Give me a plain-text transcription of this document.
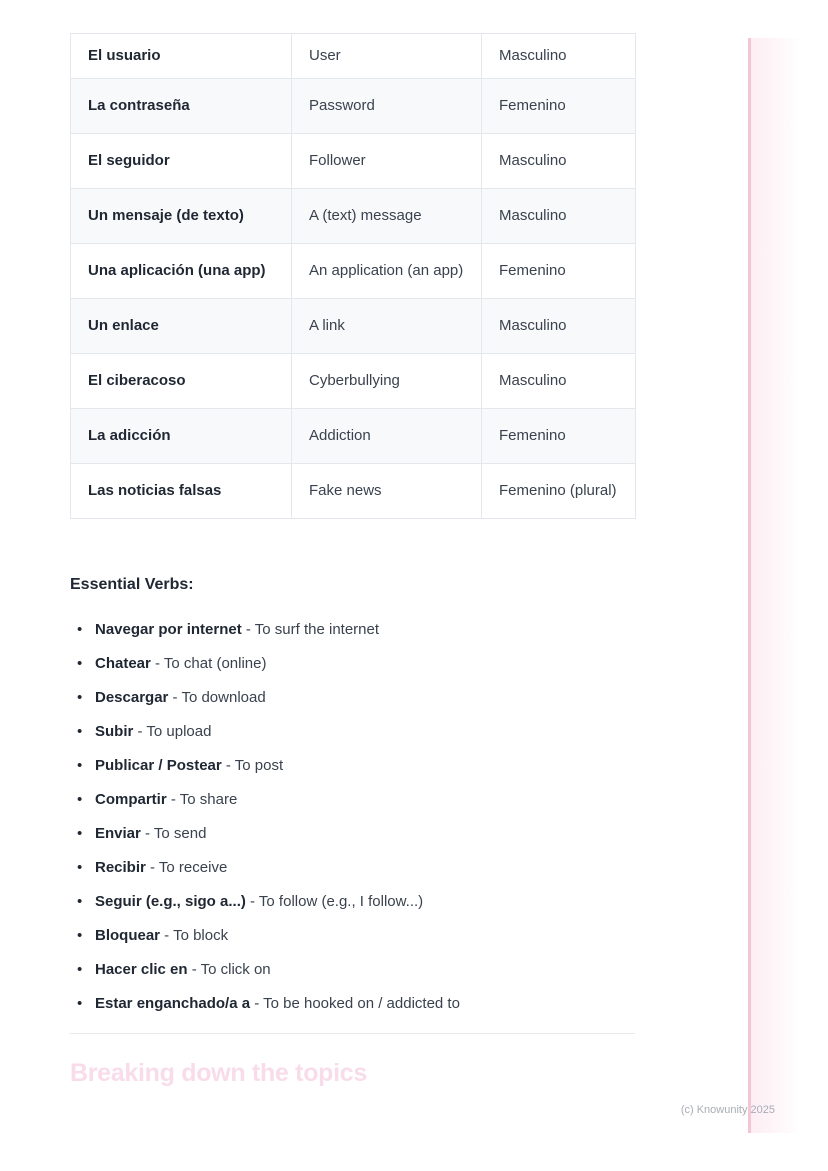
El usuario	User	Masculino
La contraseña	Password	Femenino
El seguidor	Follower	Masculino
Un mensaje (de texto)	A (text) message	Masculino
Una aplicación (una app)	An application (an app)	Femenino
Un enlace	A link	Masculino
El ciberacoso	Cyberbullying	Masculino
La adicción	Addiction	Femenino
Las noticias falsas	Fake news	Femenino (plural)
Essential Verbs:
• Navegar por internet - To surf the internet
• Chatear - To chat (online)
• Descargar - To download
• Subir - To upload
• Publicar / Postear - To post
• Compartir - To share
• Enviar - To send
• Recibir - To receive
• Seguir (e.g., sigo a...) - To follow (e.g., I follow...)
• Bloquear - To block
• Hacer clic en - To click on
• Estar enganchado/a a - To be hooked on / addicted to
Breaking down the topics
(c) Knowunity 2025
